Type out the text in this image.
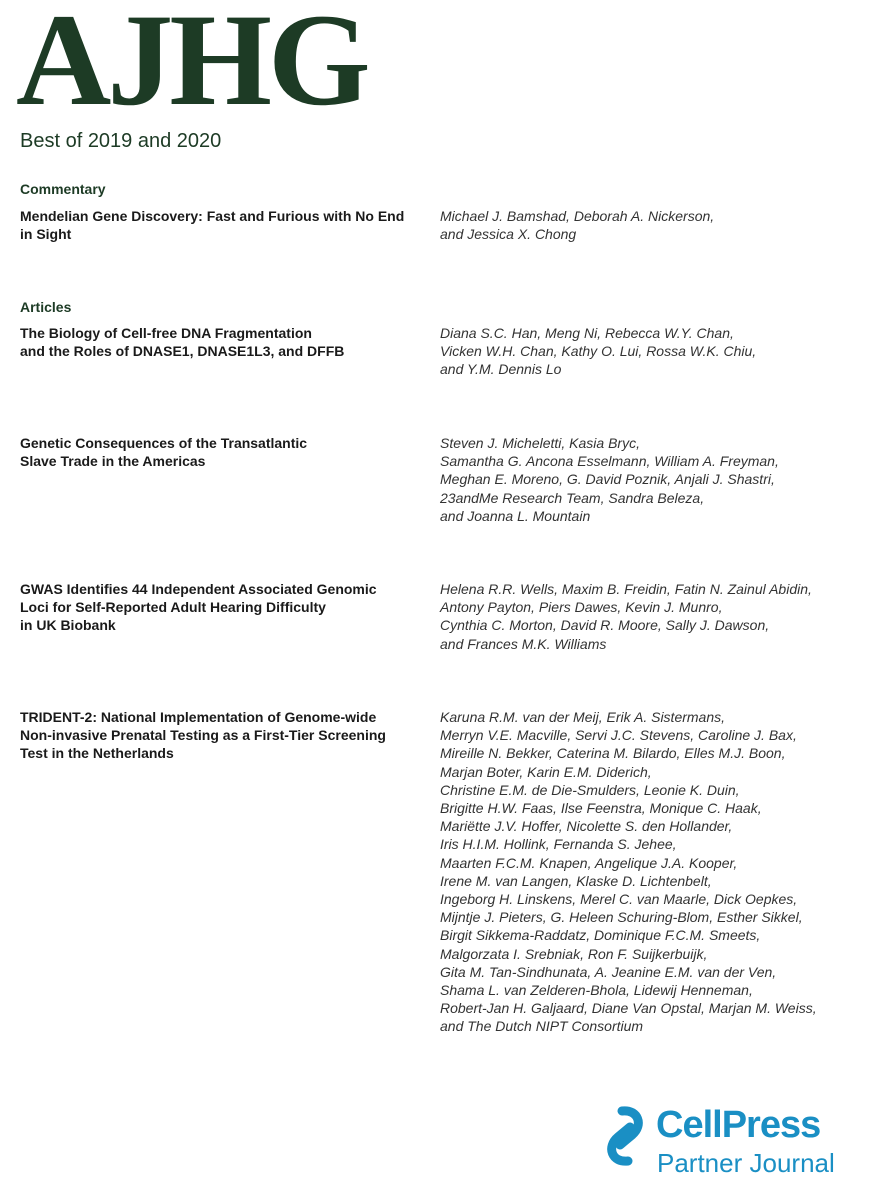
AJHG
Best of 2019 and 2020
Commentary

Mendelian Gene Discovery: Fast and Furious with No End
in Sight

Michael J. Bamshad, Deborah A. Nickerson,
and Jessica X. Chong

Articles

The Biology of Cell-free DNA Fragmentation
and the Roles of DNASE1, DNASE1L3, and DFFB

Diana S.C. Han, Meng Ni, Rebecca W.Y. Chan,
Vicken W.H. Chan, Kathy O. Lui, Rossa W.K. Chiu,
and Y.M. Dennis Lo

Genetic Consequences of the Transatlantic
Slave Trade in the Americas

Steven J. Micheletti, Kasia Bryc,
Samantha G. Ancona Esselmann, William A. Freyman,
Meghan E. Moreno, G. David Poznik, Anjali J. Shastri,
23andMe Research Team, Sandra Beleza,
and Joanna L. Mountain

GWAS Identifies 44 Independent Associated Genomic
Loci for Self-Reported Adult Hearing Difficulty
in UK Biobank

Helena R.R. Wells, Maxim B. Freidin, Fatin N. Zainul Abidin,
Antony Payton, Piers Dawes, Kevin J. Munro,
Cynthia C. Morton, David R. Moore, Sally J. Dawson,
and Frances M.K. Williams

TRIDENT-2: National Implementation of Genome-wide
Non-invasive Prenatal Testing as a First-Tier Screening
Test in the Netherlands

Karuna R.M. van der Meij, Erik A. Sistermans,
Merryn V.E. Macville, Servi J.C. Stevens, Caroline J. Bax,
Mireille N. Bekker, Caterina M. Bilardo, Elles M.J. Boon,
Marjan Boter, Karin E.M. Diderich,
Christine E.M. de Die-Smulders, Leonie K. Duin,
Brigitte H.W. Faas, Ilse Feenstra, Monique C. Haak,
Mariëtte J.V. Hoffer, Nicolette S. den Hollander,
Iris H.I.M. Hollink, Fernanda S. Jehee,
Maarten F.C.M. Knapen, Angelique J.A. Kooper,
Irene M. van Langen, Klaske D. Lichtenbelt,
Ingeborg H. Linskens, Merel C. van Maarle, Dick Oepkes,
Mijntje J. Pieters, G. Heleen Schuring-Blom, Esther Sikkel,
Birgit Sikkema-Raddatz, Dominique F.C.M. Smeets,
Malgorzata I. Srebniak, Ron F. Suijkerbuijk,
Gita M. Tan-Sindhunata, A. Jeanine E.M. van der Ven,
Shama L. van Zelderen-Bhola, Lidewij Henneman,
Robert-Jan H. Galjaard, Diane Van Opstal, Marjan M. Weiss,
and The Dutch NIPT Consortium

CellPress
Partner Journal
